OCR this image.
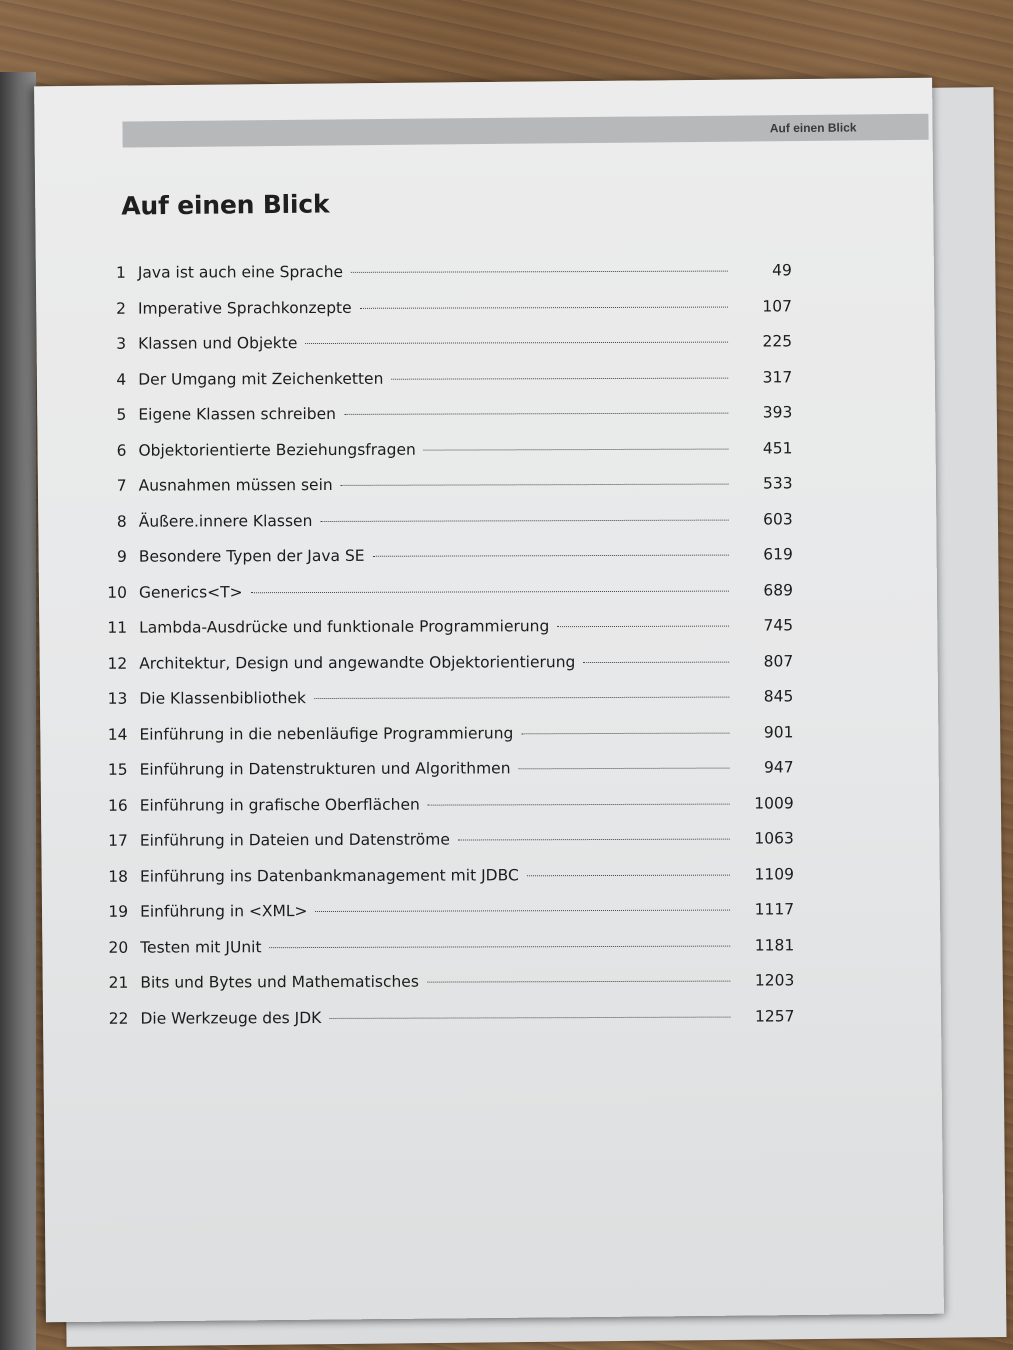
Auf einen Blick
Auf einen Blick
1 Java ist auch eine Sprache	49
2 Imperative Sprachkonzepte	107
3 Klassen und Objekte	225
4 Der Umgang mit Zeichenketten	317
5 Eigene Klassen schreiben	393
6 Objektorientierte Beziehungsfragen	451
7 Ausnahmen müssen sein	533
8 Äußere.innere Klassen	603
9 Besondere Typen der Java SE	619
10 Generics<T>	689
11 Lambda-Ausdrücke und funktionale Programmierung	745
12 Architektur, Design und angewandte Objektorientierung	807
13 Die Klassenbibliothek	845
14 Einführung in die nebenläufige Programmierung	901
15 Einführung in Datenstrukturen und Algorithmen	947
16 Einführung in grafische Oberflächen	1009
17 Einführung in Dateien und Datenströme	1063
18 Einführung ins Datenbankmanagement mit JDBC	1109
19 Einführung in <XML>	1117
20 Testen mit JUnit	1181
21 Bits und Bytes und Mathematisches	1203
22 Die Werkzeuge des JDK	1257
